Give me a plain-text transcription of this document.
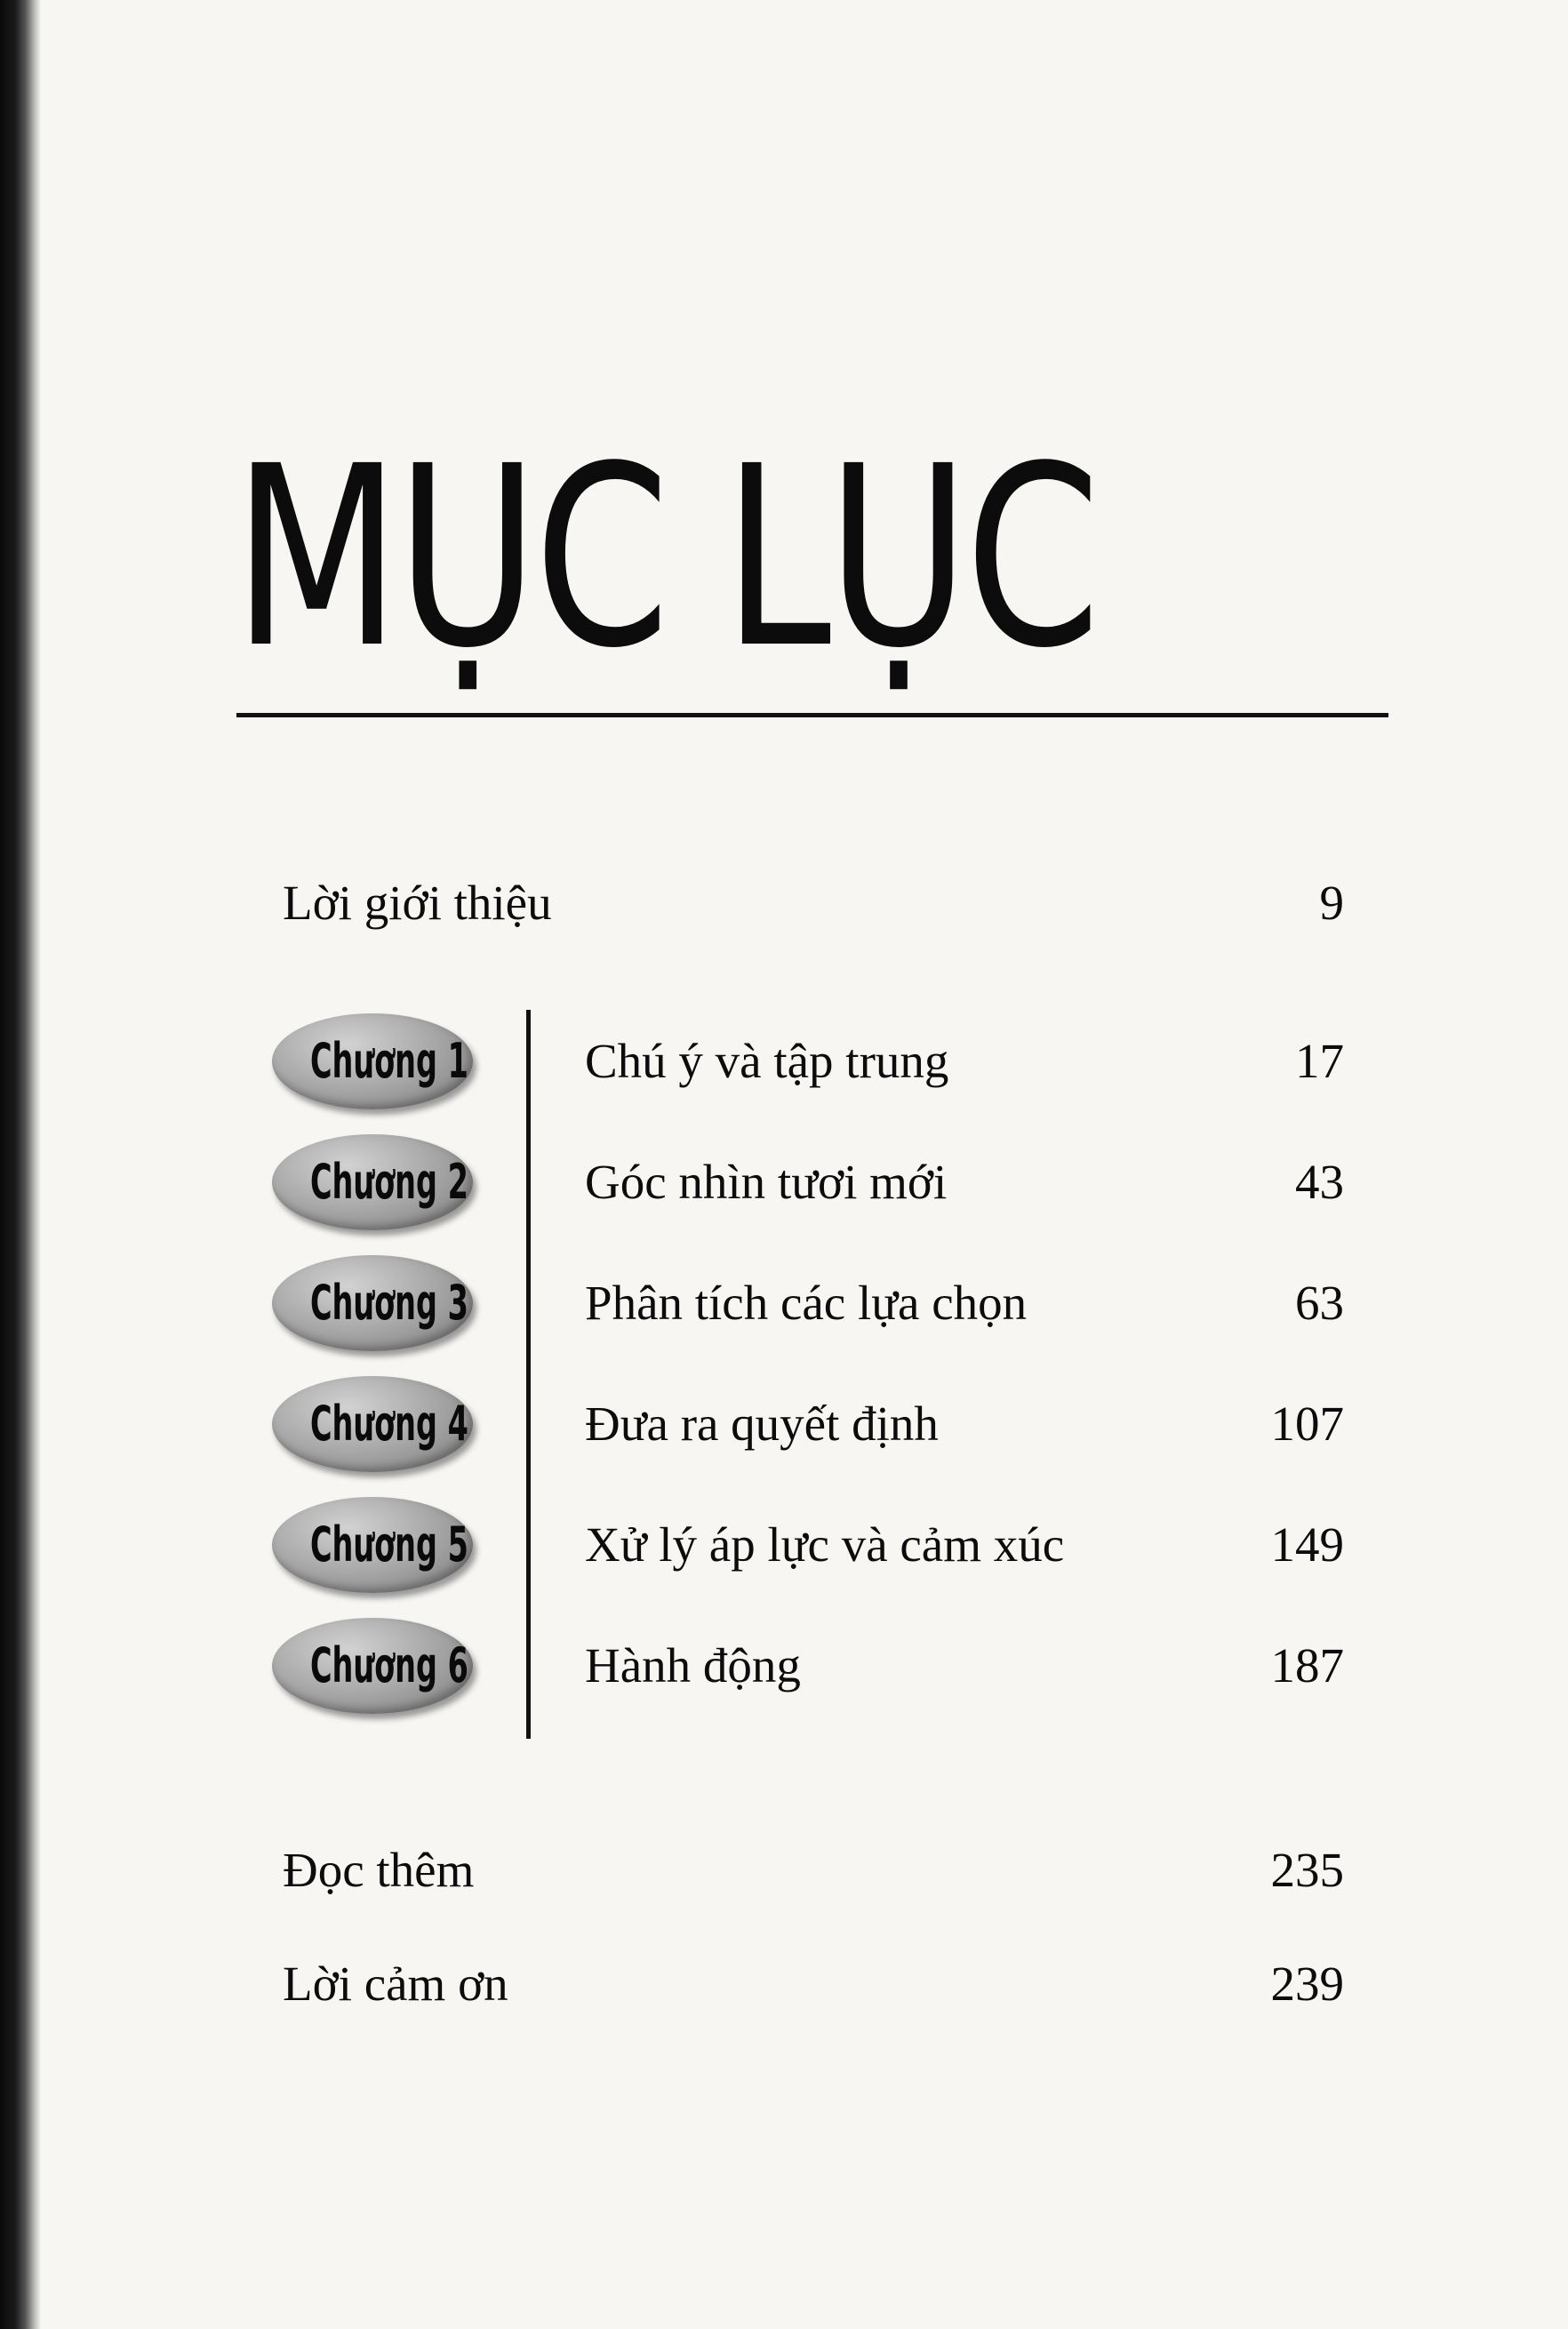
MỤC LỤC
Lời giới thiệu	9
Chương 1 Chú ý và tập trung	17
Chương 2 Góc nhìn tươi mới	43
Chương 3 Phân tích các lựa chọn	63
Chương 4 Đưa ra quyết định	107
Chương 5 Xử lý áp lực và cảm xúc	149
Chương 6 Hành động	187
Đọc thêm	235
Lời cảm ơn	239
